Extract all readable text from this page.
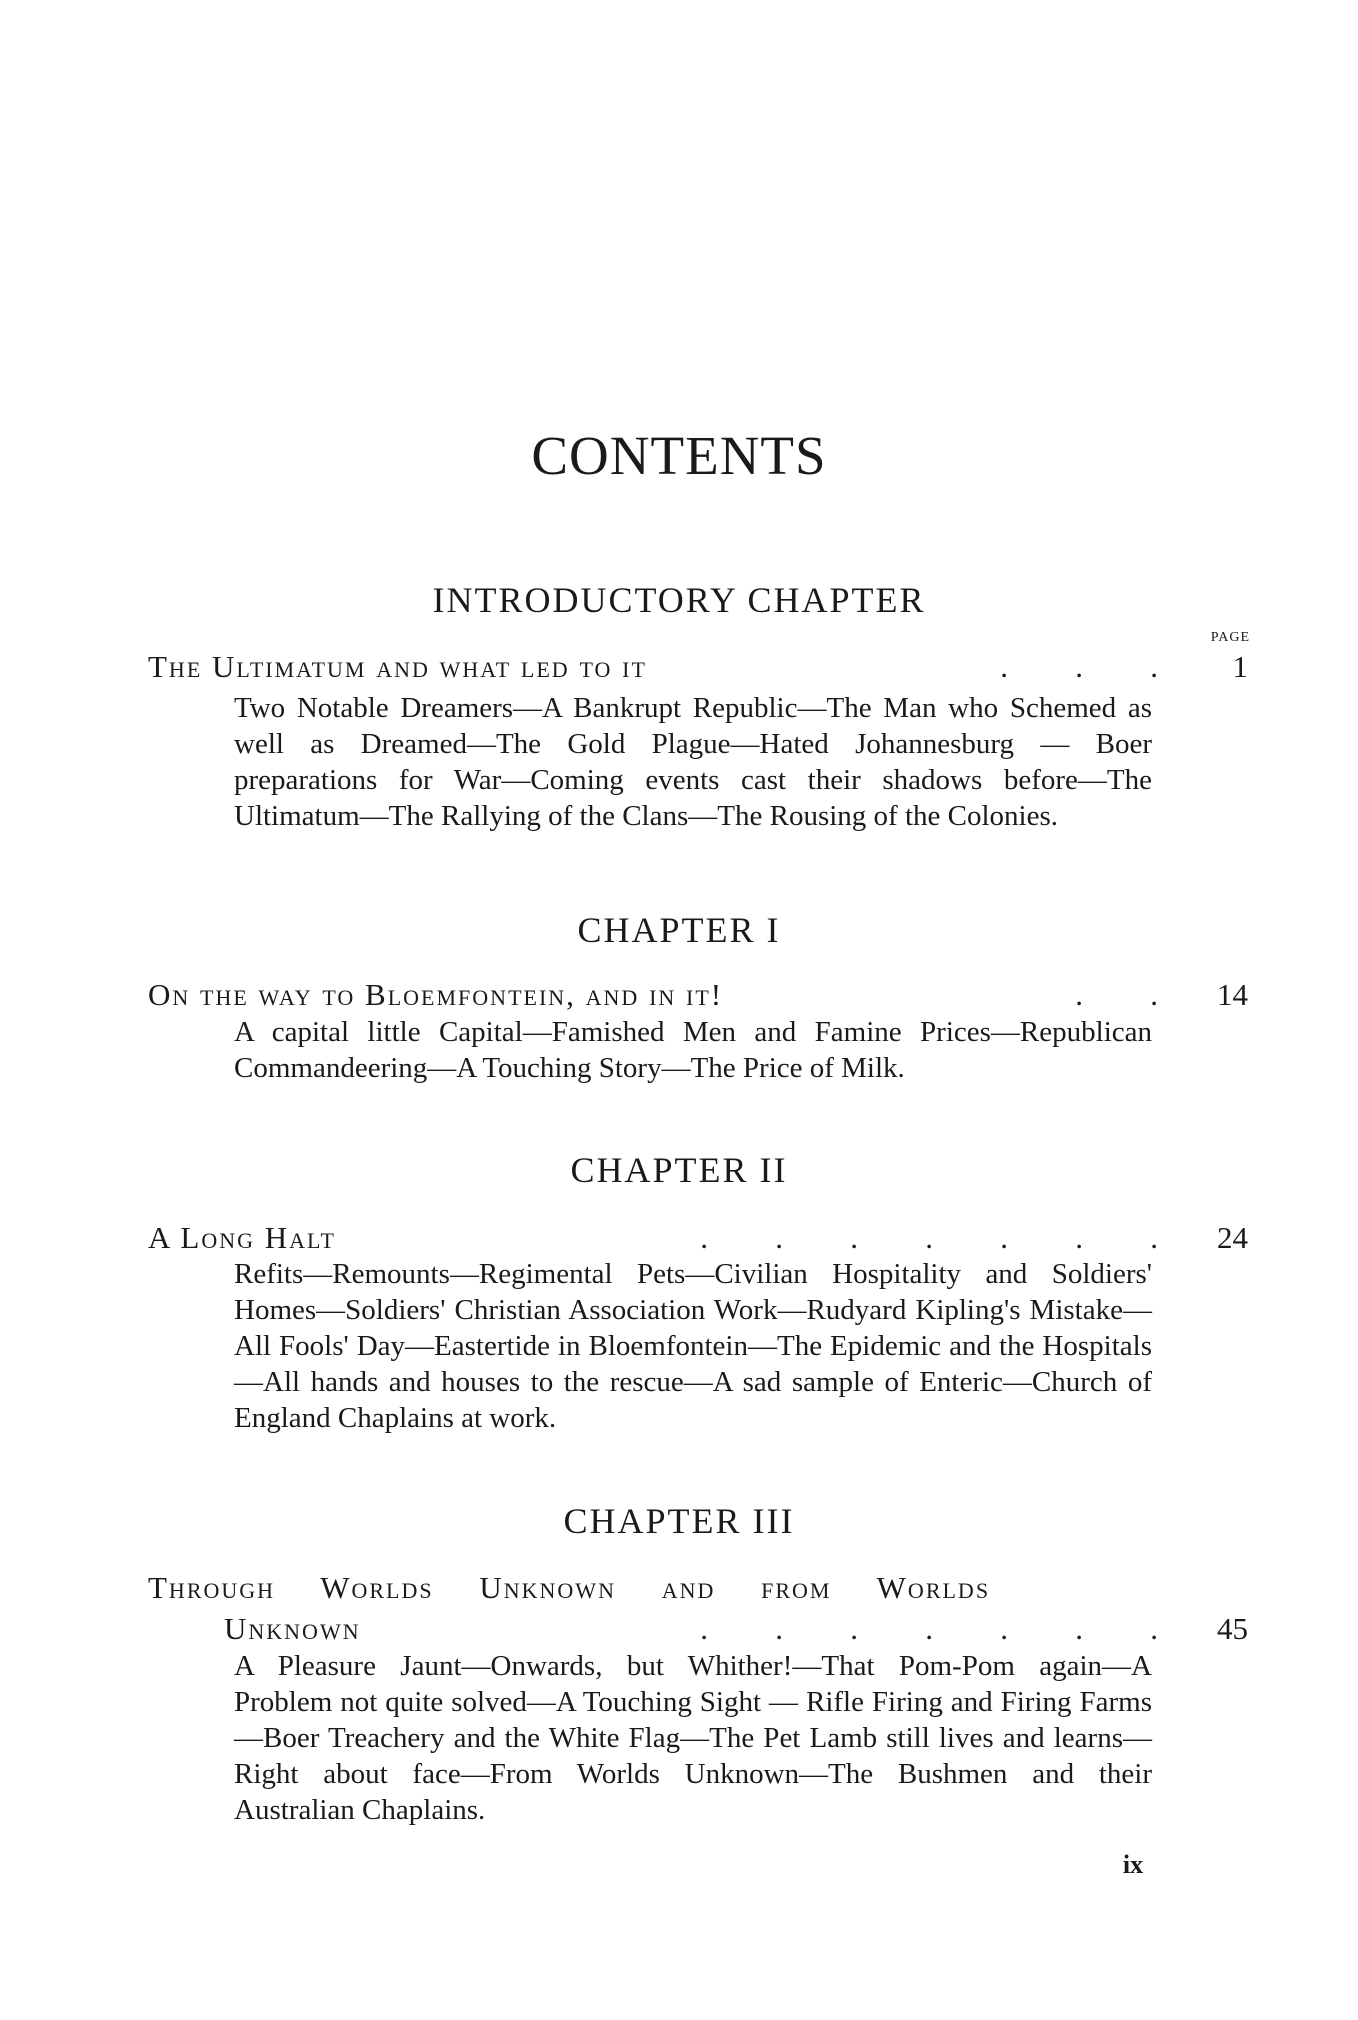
CONTENTS
INTRODUCTORY CHAPTER
PAGE
The Ultimatum and what led to it	. . .	1
Two Notable Dreamers—A Bankrupt Republic—The Man who Schemed as well as Dreamed—The Gold Plague—Hated Johannesburg — Boer preparations for War—Coming events cast their shadows before—The Ultimatum—The Rallying of the Clans—The Rousing of the Colonies.
CHAPTER I
On the way to Bloemfontein, and in it!	. .	14
A capital little Capital—Famished Men and Famine Prices—Republican Commandeering—A Touching Story—The Price of Milk.
CHAPTER II
A Long Halt	. . . . . . .	24
Refits—Remounts—Regimental Pets—Civilian Hospitality and Soldiers' Homes—Soldiers' Christian Association Work—Rudyard Kipling's Mistake—All Fools' Day—Eastertide in Bloemfontein—The Epidemic and the Hospitals—All hands and houses to the rescue—A sad sample of Enteric—Church of England Chaplains at work.
CHAPTER III
Through Worlds Unknown and from Worlds
Unknown	. . . . . . .	45
A Pleasure Jaunt—Onwards, but Whither!—That Pom-Pom again—A Problem not quite solved—A Touching Sight — Rifle Firing and Firing Farms—Boer Treachery and the White Flag—The Pet Lamb still lives and learns—Right about face—From Worlds Unknown—The Bushmen and their Australian Chaplains.
ix
